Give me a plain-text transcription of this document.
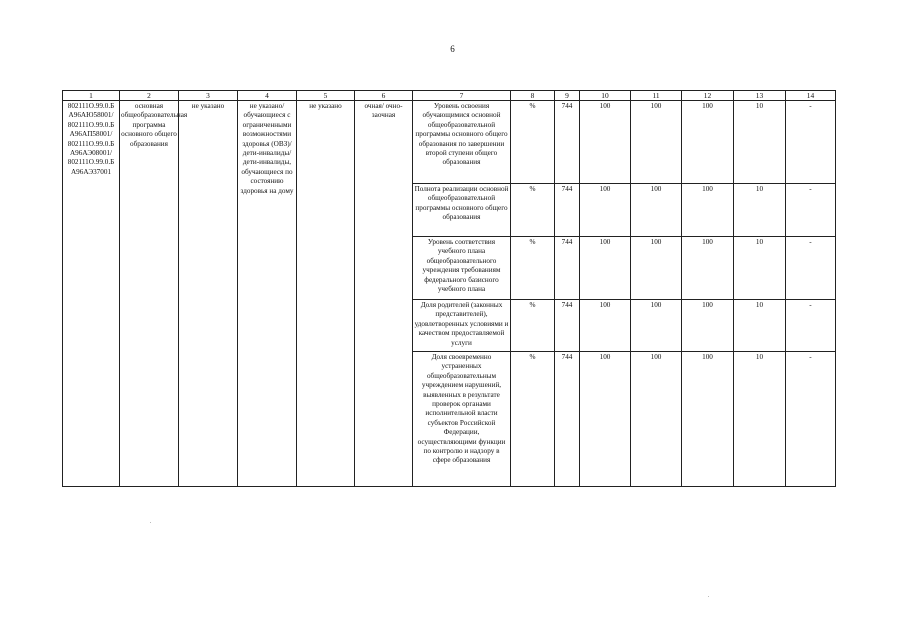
6
1	2	3	4	5	6	7	8	9	10	11	12	13	14
802111О.99.0.Б А96АЮ58001/ 802111О.99.0.Б А96АП58001/ 802111О.99.0.Б А96АЭ08001/ 802111О.99.0.Б А96АЭ37001	основная общеобразовательная программа основного общего образования	не указано	не указано/ обучающиеся с ограниченными возможностями здоровья (ОВЗ)/ дети-инвалиды/ дети-инвалиды, обучающиеся по состоянию здоровья на дому	не указано	очная/ очно-заочная	Уровень освоения обучающимися основной общеобразовательной программы основного общего образования по завершении второй ступени общего образования	%	744	100	100	100	10	-
						Полнота реализации основной общеобразовательной программы основного общего образования	%	744	100	100	100	10	-
						Уровень соответствия учебного плана общеобразовательного учреждения требованиям федерального базисного учебного плана	%	744	100	100	100	10	-
						Доля родителей (законных представителей), удовлетворенных условиями и качеством предоставляемой услуги	%	744	100	100	100	10	-
						Доля своевременно устраненных общеобразовательным учреждением нарушений, выявленных в результате проверок органами исполнительной власти субъектов Российской Федерации, осуществляющими функции по контролю и надзору в сфере образования	%	744	100	100	100	10	-
